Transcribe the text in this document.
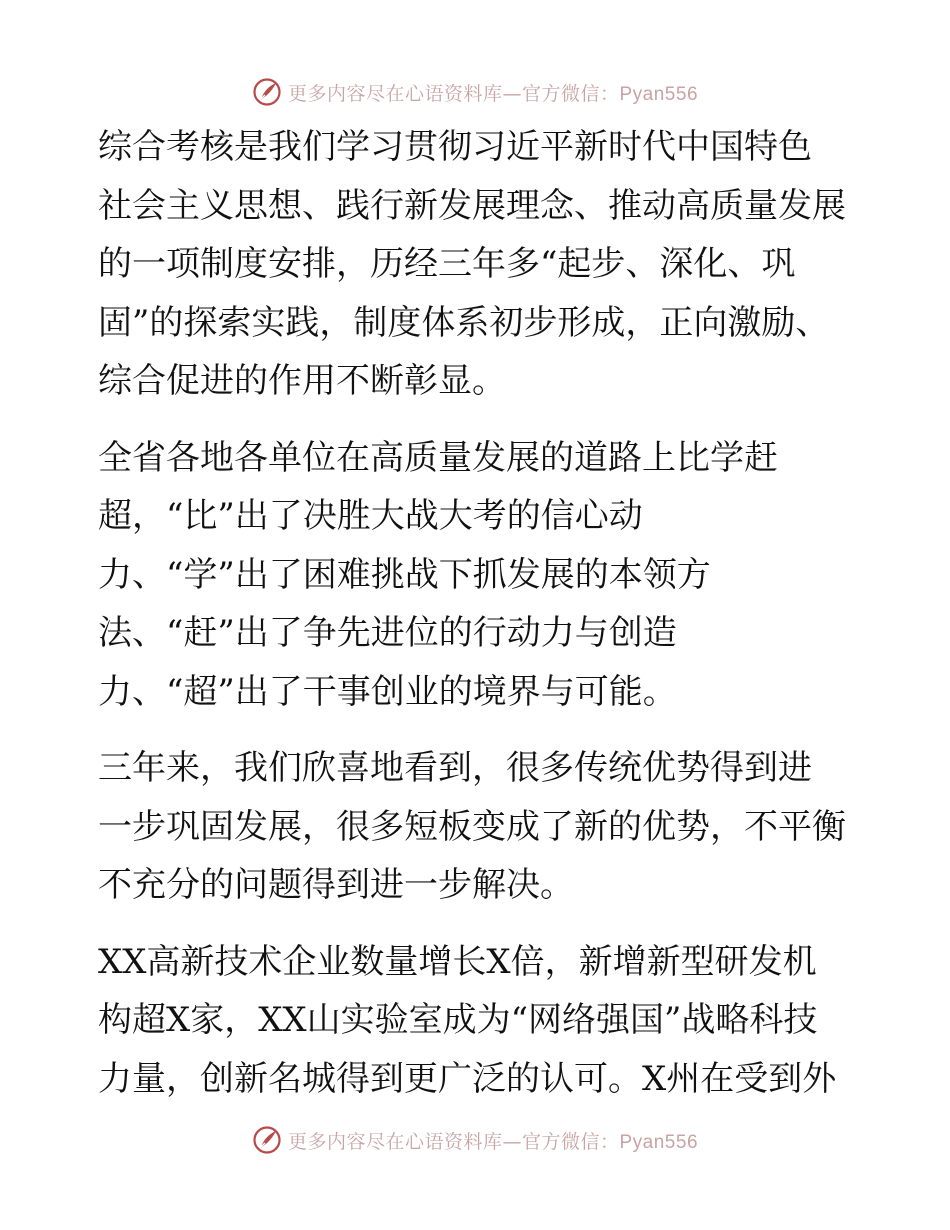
更多内容尽在心语资料库—官方微信：Pyan556
综合考核是我们学习贯彻习近平新时代中国特色
社会主义思想、践行新发展理念、推动高质量发展
的一项制度安排，历经三年多“起步、深化、巩
固”的探索实践，制度体系初步形成，正向激励、
综合促进的作用不断彰显。
全省各地各单位在高质量发展的道路上比学赶
超，“比”出了决胜大战大考的信心动
力、“学”出了困难挑战下抓发展的本领方
法、“赶”出了争先进位的行动力与创造
力、“超”出了干事创业的境界与可能。
三年来，我们欣喜地看到，很多传统优势得到进
一步巩固发展，很多短板变成了新的优势，不平衡
不充分的问题得到进一步解决。
XX高新技术企业数量增长X倍，新增新型研发机
构超X家，XX山实验室成为“网络强国”战略科技
力量，创新名城得到更广泛的认可。X州在受到外
更多内容尽在心语资料库—官方微信：Pyan556
